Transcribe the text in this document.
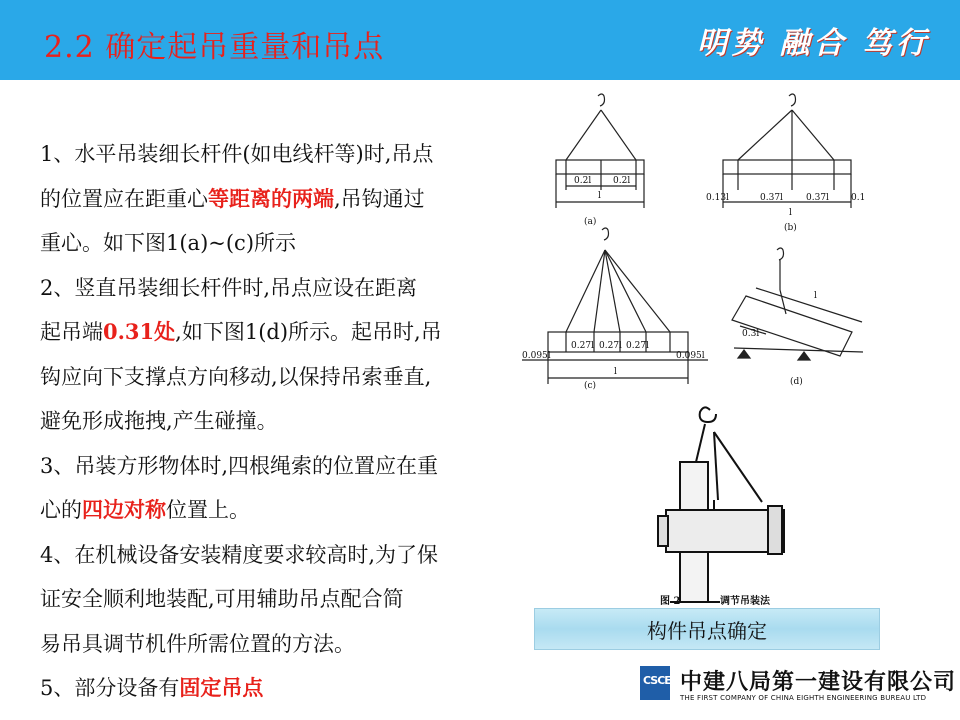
2.2 确定起吊重量和吊点	明势 融合 笃行
1、水平吊装细长杆件(如电线杆等)时,吊点
的位置应在距重心等距离的两端,吊钩通过
重心。如下图1(a)~(c)所示
2、竖直吊装细长杆件时,吊点应设在距离
起吊端0.31处,如下图1(d)所示。起吊时,吊
钩应向下支撑点方向移动,以保持吊索垂直,
避免形成拖拽,产生碰撞。
3、吊装方形物体时,四根绳索的位置应在重
心的四边对称位置上。
4、在机械设备安装精度要求较高时,为了保
证安全顺利地装配,可用辅助吊点配合简
易吊具调节机件所需位置的方法。
5、部分设备有固定吊点
0.2l 0.2l
l
(a)
0.13l	0.37l	0.37l 0.1
l
(b)
0.095l
0.27l 0.27l 0.27l
0.095l
l
(c)
0.3l
l
(d)
图 2	调节吊装法
构件吊点确定
CSCEC 中建八局第一建设有限公司
THE FIRST COMPANY OF CHINA EIGHTH ENGINEERING BUREAU LTD
